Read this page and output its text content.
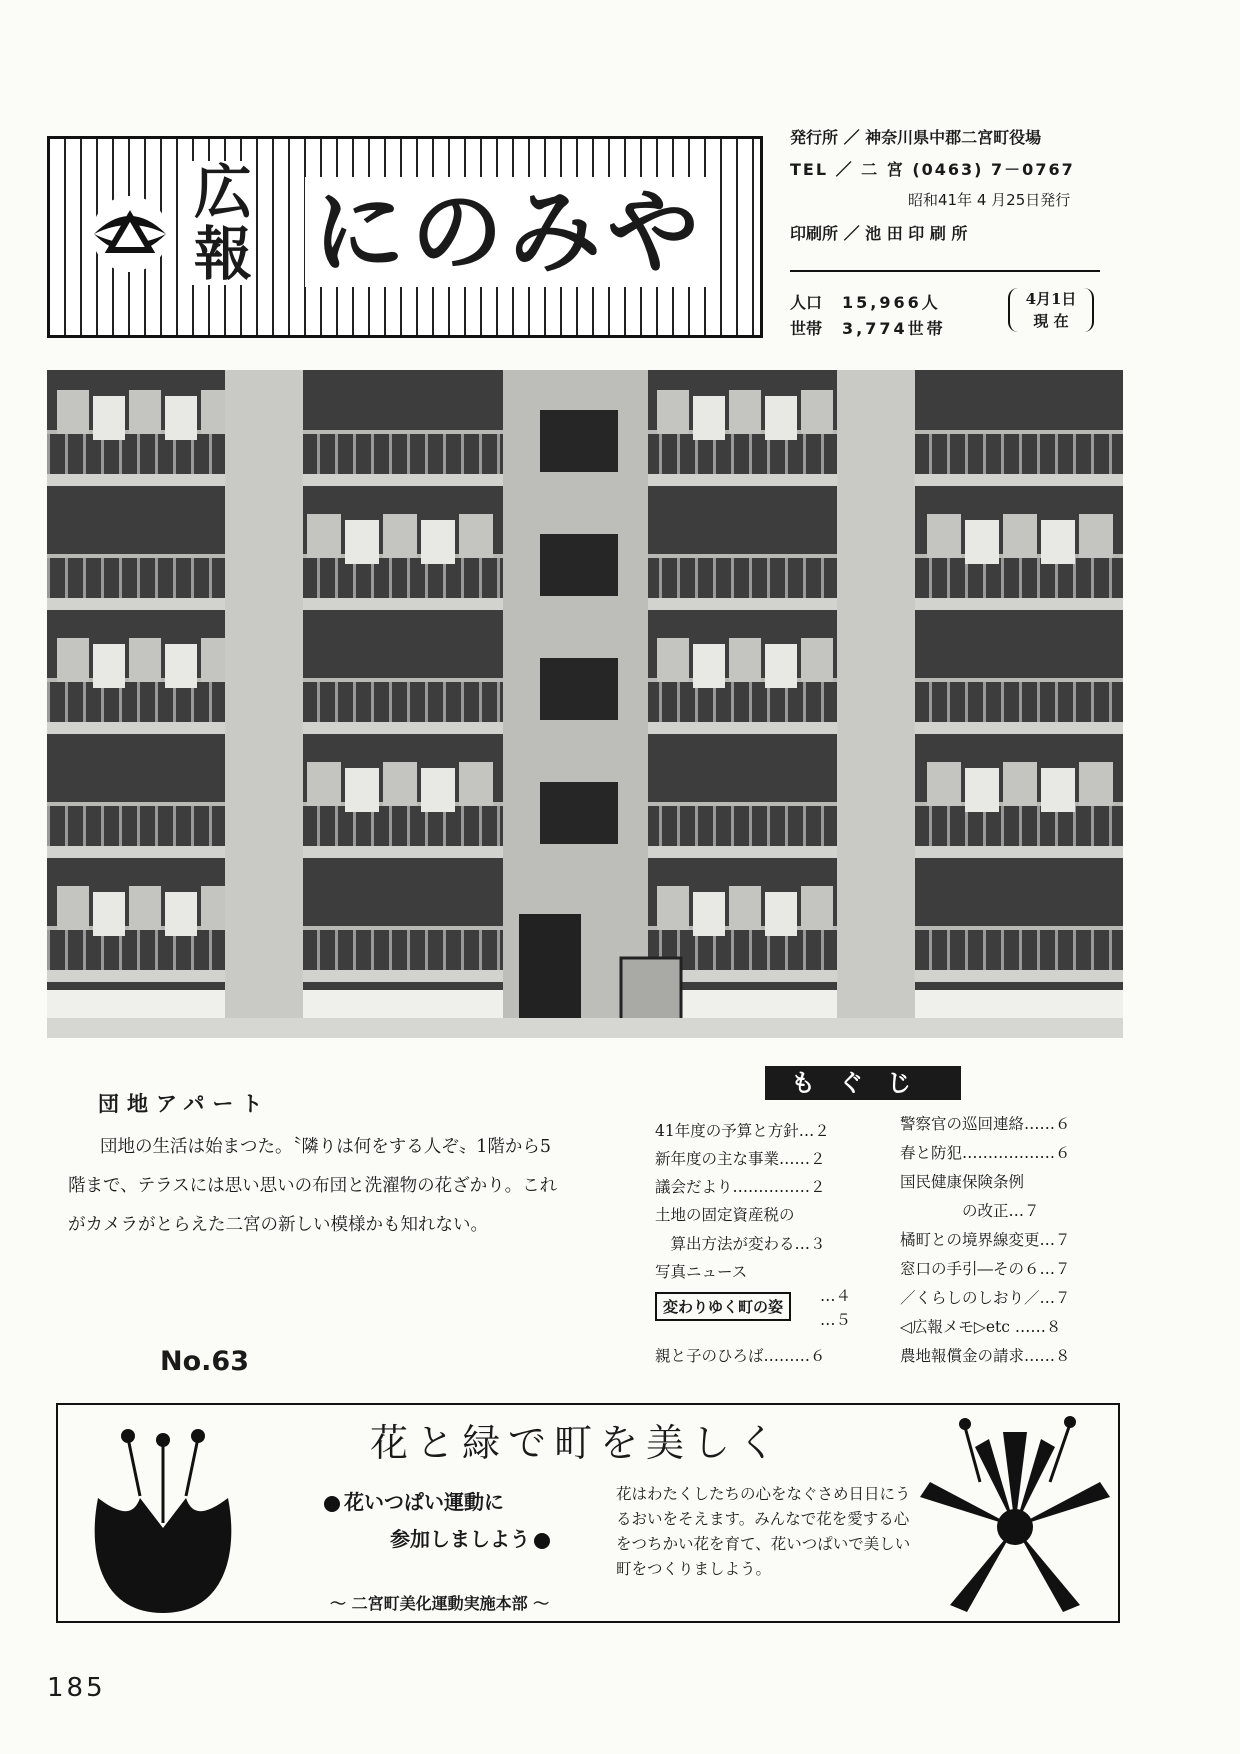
広報 にのみや
発行所 ／ 神奈川県中郡二宮町役場
TEL ／ 二 宮 (0463) 7－0767
昭和41年 4 月25日発行
印刷所 ／ 池 田 印 刷 所
人口 15,966人
世帯 3,774世帯
4月1日
現 在
団地アパート
団地の生活は始まつた。〝隣りは何をする人ぞ〟1階から5階まで、テラスには思い思いの布団と洗濯物の花ざかり。これがカメラがとらえた二宮の新しい模様かも知れない。
No.63
もぐじ
41年度の予算と方針…２
新年度の主な事業……２
議会だより……………２
土地の固定資産税の
　算出方法が変わる…３
写真ニュース
変わりゆく町の姿
…４
…５
親と子のひろば………６
警察官の巡回連絡……６
春と防犯………………６
国民健康保険条例
　　　　の改正…７
橘町との境界線変更…７
窓口の手引―その６…７
／くらしのしおり／…７
◁広報メモ▷etc ……８
農地報償金の請求……８
花と緑で町を美しく
花いつぱい運動に
参加しましよう
花はわたくしたちの心をなぐさめ日日にうるおいをそえます。みんなで花を愛する心をつちかい花を育て、花いつぱいで美しい町をつくりましよう。
～ 二宮町美化運動実施本部 ～
185
